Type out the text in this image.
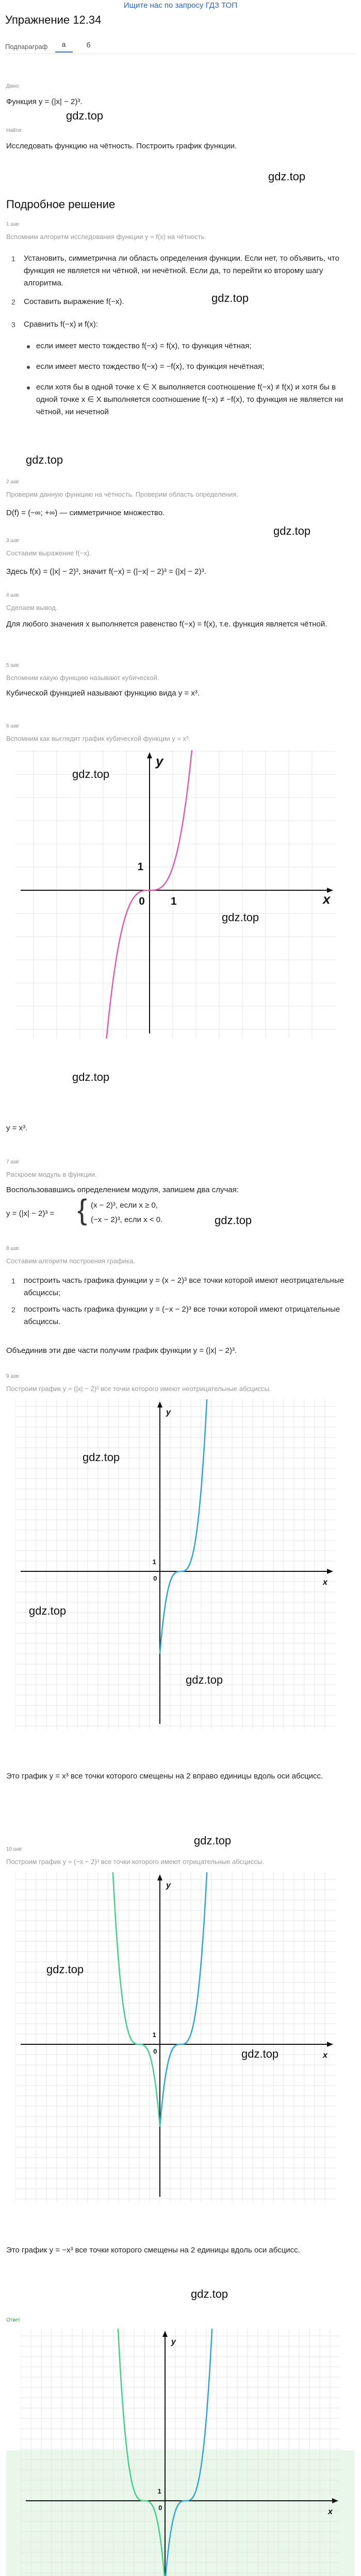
Ищите нас по запросу ГДЗ ТОП
Упражнение 12.34
Подпараграф	а	б
Дано:
Функция y = (|x| − 2)³.
Найти:
Исследовать функцию на чётность. Построить график функции.
gdz.top
gdz.top
Подробное решение
1 шаг
Вспомним алгоритм исследования функции y = f(x) на чётность.
1 Установить, симметрична ли область определения функции. Если нет, то объявить, что функция не является ни чётной, ни нечётной. Если да, то перейти ко второму шагу алгоритма.
2 Составить выражение f(−x).	gdz.top
3 Сравнить f(−x) и f(x):
если имеет место тождество f(−x) = f(x), то функция чётная;
если имеет место тождество f(−x) = −f(x), то функция нечётная;
если хотя бы в одной точке x ∈ X выполняется соотношение f(−x) ≠ f(x) и хотя бы в одной точке x ∈ X выполняется соотношение f(−x) ≠ −f(x), то функция не является ни чётной, ни нечетной
gdz.top
2 шаг
Проверим данную функцию на чётность. Проверим область определения.
D(f) = (−∞; +∞) — симметричное множество.
gdz.top
3 шаг
Составим выражение f(−x).
Здесь f(x) = (|x| − 2)³, значит f(−x) = (|−x| − 2)³ = (|x| − 2)³.
4 шаг
Сделаем вывод.
Для любого значения x выполняется равенство f(−x) = f(x), т.е. функция является чётной.
5 шаг
Вспомним какую функцию называют кубической.
Кубической функцией называют функцию вида y = x³.
6 шаг
Вспомним как выглядит график кубической функции y = x³.
x
y
0
1
1
gdz.top
gdz.top
gdz.top
y = x³.
7 шаг
Раскроем модуль в функции.
Воспользовавшись определением модуля, запишем два случая:
y = (|x| − 2)³ = { (x − 2)³, если x ≥ 0,
(−x − 2)³, если x < 0.	gdz.top
8 шаг
Составим алгоритм построения графика.
1 построить часть графика функции y = (x − 2)³ все точки которой имеют неотрицательные абсциссы;
2 построить часть графика функции y = (−x − 2)³ все точки которой имеют отрицательные абсциссы.
Объединив эти две части получим график функции y = (|x| − 2)³.
9 шаг
Построим график y = (|x| − 2)³ все точки которого имеют неотрицательные абсциссы.
x
y
0
1
gdz.top
gdz.top
gdz.top
Это график y = x³ все точки которого смещены на 2 вправо единицы вдоль оси абсцисс.
gdz.top
10 шаг
Построим график y = (−x − 2)³ все точки которого имеют отрицательные абсциссы.
x
y
0
1
gdz.top
gdz.top
Это график y = −x³ все точки которого смещены на 2 единицы вдоль оси абсцисс.
gdz.top
Ответ
x
y
0
1
